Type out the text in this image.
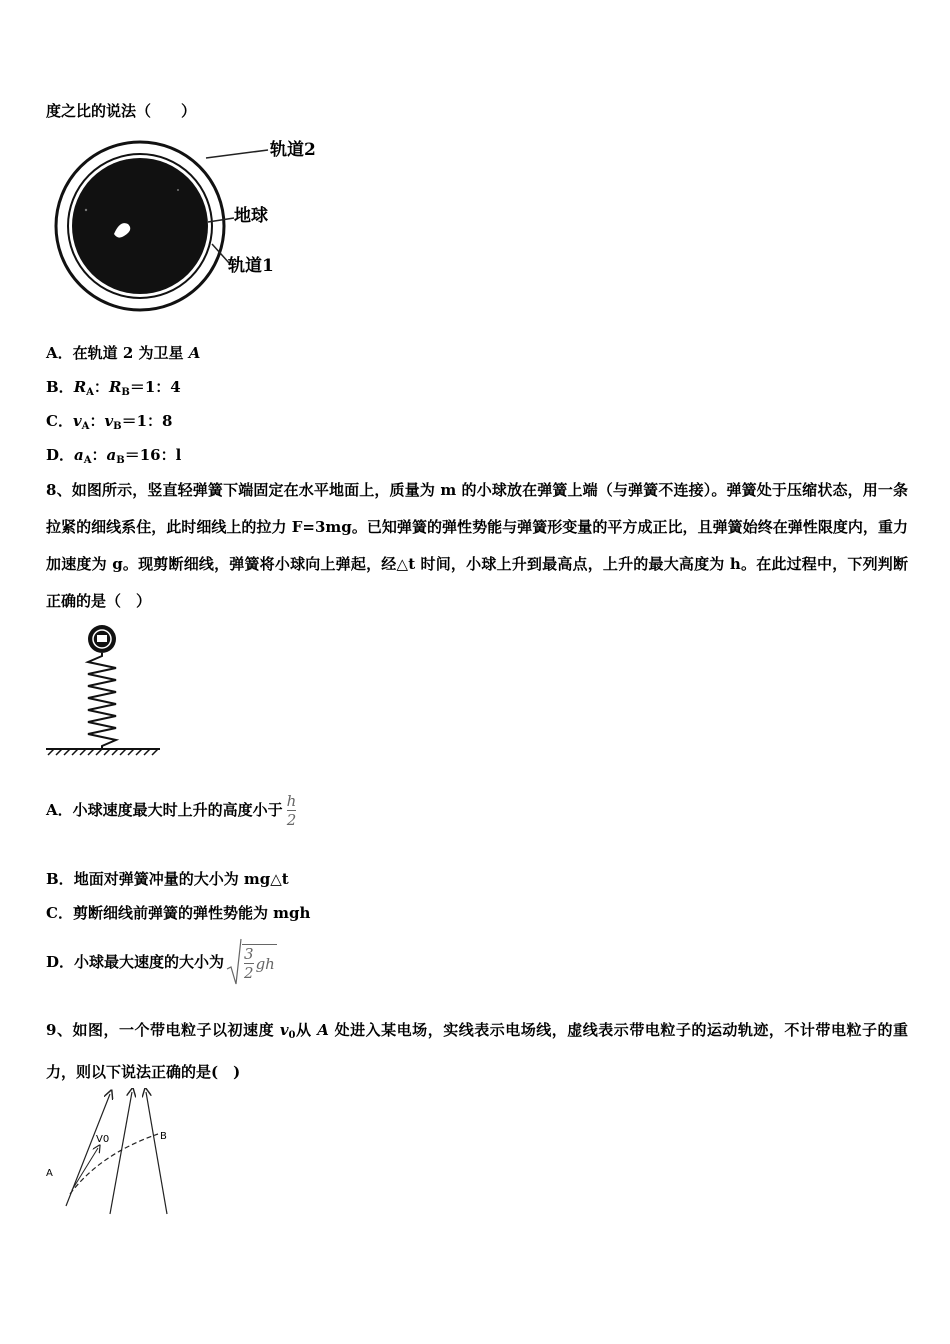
度之比的说法（　　）
轨道2
地球
轨道1
A．在轨道 2 为卫星 A
B．$R_A$：$R_B=1$：4
C．$v_A$：$v_B=1$：8
D．$a_A$：$a_B=16$：l
8、如图所示，竖直轻弹簧下端固定在水平地面上，质量为 m 的小球放在弹簧上端（与弹簧不连接）。弹簧处于压缩状态，用一条拉紧的细线系住，此时细线上的拉力 F=3mg。已知弹簧的弹性势能与弹簧形变量的平方成正比，且弹簧始终在弹性限度内，重力加速度为 g。现剪断细线，弹簧将小球向上弹起，经△t 时间，小球上升到最高点，上升的最大高度为 h。在此过程中，下列判断正确的是（　）
A． 小球速度最大时上升的高度小于 $\frac{h}{2}$
B．地面对弹簧冲量的大小为 mg△t
C．剪断细线前弹簧的弹性势能为 mgh
D． 小球最大速度的大小为 $\frac{3}{2}$ gh
9、如图，一个带电粒子以初速度 $v_0$从 A 处进入某电场，实线表示电场线，虚线表示带电粒子的运动轨迹，不计带电粒子的重力，则以下说法正确的是(　)
A
B
V0
